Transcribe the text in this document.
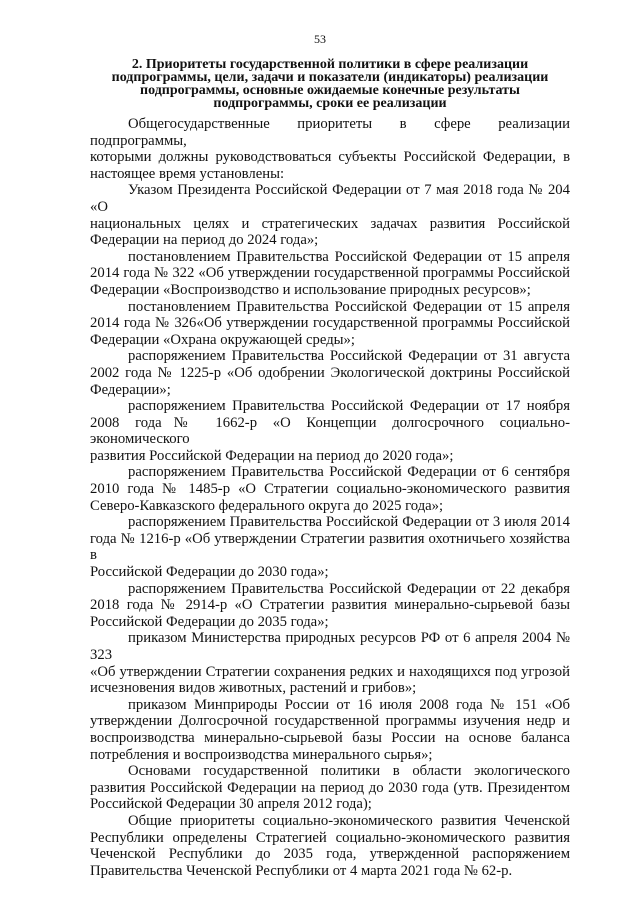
53
2. Приоритеты государственной политики в сфере реализации
подпрограммы, цели, задачи и показатели (индикаторы) реализации
подпрограммы, основные ожидаемые конечные результаты
подпрограммы, сроки ее реализации

Общегосударственные приоритеты в сфере реализации подпрограммы,
которыми должны руководствоваться субъекты Российской Федерации, в
настоящее время установлены:

Указом Президента Российской Федерации от 7 мая 2018 года № 204 «О
национальных целях и стратегических задачах развития Российской
Федерации на период до 2024 года»;

постановлением Правительства Российской Федерации от 15 апреля
2014 года № 322 «Об утверждении государственной программы Российской
Федерации «Воспроизводство и использование природных ресурсов»;

постановлением Правительства Российской Федерации от 15 апреля
2014 года № 326«Об утверждении государственной программы Российской
Федерации «Охрана окружающей среды»;

распоряжением Правительства Российской Федерации от 31 августа
2002 года № 1225-р «Об одобрении Экологической доктрины Российской
Федерации»;

распоряжением Правительства Российской Федерации от 17 ноября
2008 года№ 1662-р «О Концепции долгосрочного социально-экономического
развития Российской Федерации на период до 2020 года»;

распоряжением Правительства Российской Федерации от 6 сентября
2010 года № 1485-р «О Стратегии социально-экономического развития
Северо-Кавказского федерального округа до 2025 года»;

распоряжением Правительства Российской Федерации от 3 июля 2014
года № 1216-р «Об утверждении Стратегии развития охотничьего хозяйства в
Российской Федерации до 2030 года»;

распоряжением Правительства Российской Федерации от 22 декабря
2018 года № 2914-р «О Стратегии развития минерально-сырьевой базы
Российской Федерации до 2035 года»;

приказом Министерства природных ресурсов РФ от 6 апреля 2004 № 323
«Об утверждении Стратегии сохранения редких и находящихся под угрозой
исчезновения видов животных, растений и грибов»;

приказом Минприроды России от 16 июля 2008 года № 151 «Об
утверждении Долгосрочной государственной программы изучения недр и
воспроизводства минерально-сырьевой базы России на основе баланса
потребления и воспроизводства минерального сырья»;

Основами государственной политики в области экологического
развития Российской Федерации на период до 2030 года (утв. Президентом
Российской Федерации 30 апреля 2012 года);

Общие приоритеты социально-экономического развития Чеченской
Республики определены Стратегией социально-экономического развития
Чеченской Республики до 2035 года, утвержденной распоряжением
Правительства Чеченской Республики от 4 марта 2021 года № 62-р.
